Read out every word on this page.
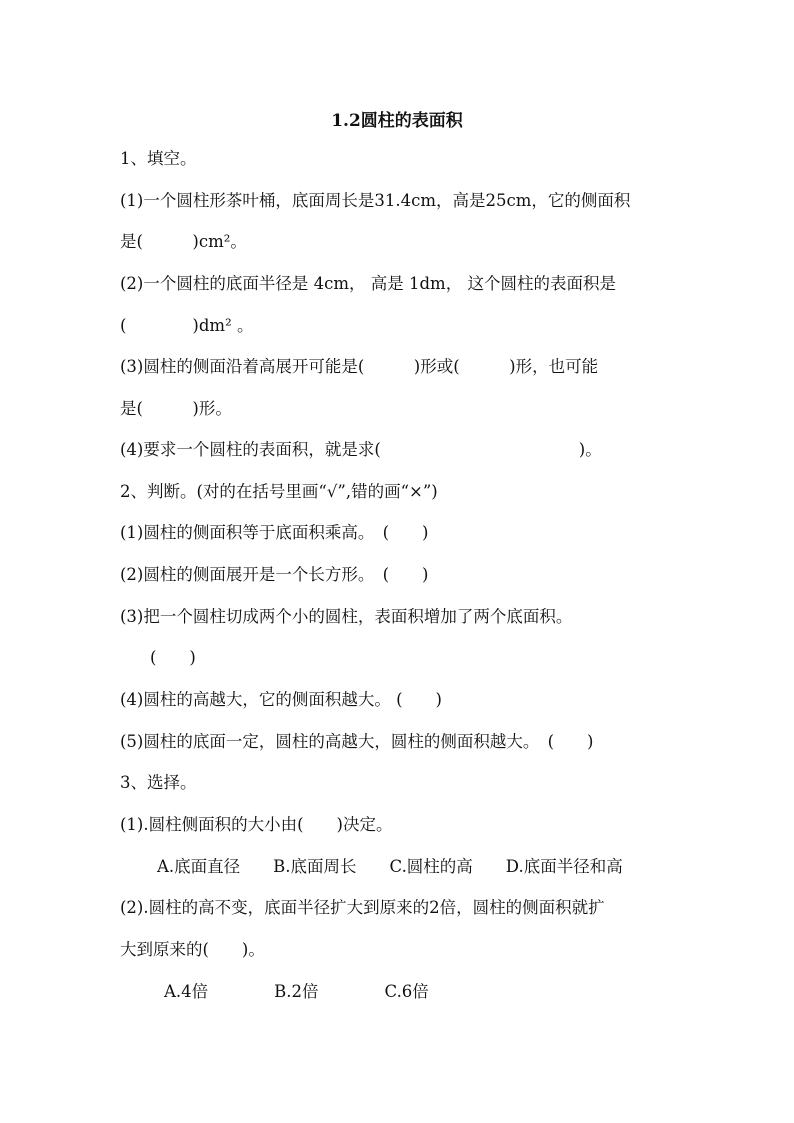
1.2圆柱的表面积
1、填空。
(1)一个圆柱形茶叶桶，底面周长是31.4cm，高是25cm，它的侧面积
是(　　　)cm²。
(2)一个圆柱的底面半径是 4cm， 高是 1dm， 这个圆柱的表面积是
(　　　　)dm² 。
(3)圆柱的侧面沿着高展开可能是(　　　)形或(　　　)形，也可能
是(　　　)形。
(4)要求一个圆柱的表面积，就是求(　　　　　　　　　　　　)。
2、判断。(对的在括号里画“√”,错的画“×”)
(1)圆柱的侧面积等于底面积乘高。　(　　)
(2)圆柱的侧面展开是一个长方形。　(　　)
(3)把一个圆柱切成两个小的圆柱，表面积增加了两个底面积。
(　　)
(4)圆柱的高越大，它的侧面积越大。 (　　)
(5)圆柱的底面一定，圆柱的高越大，圆柱的侧面积越大。　(　　)
3、选择。
(1).圆柱侧面积的大小由(　　)决定。
A.底面直径　　B.底面周长　　C.圆柱的高　　D.底面半径和高
(2).圆柱的高不变，底面半径扩大到原来的2倍，圆柱的侧面积就扩
大到原来的(　　)。
A.4倍　　　　B.2倍　　　　C.6倍
